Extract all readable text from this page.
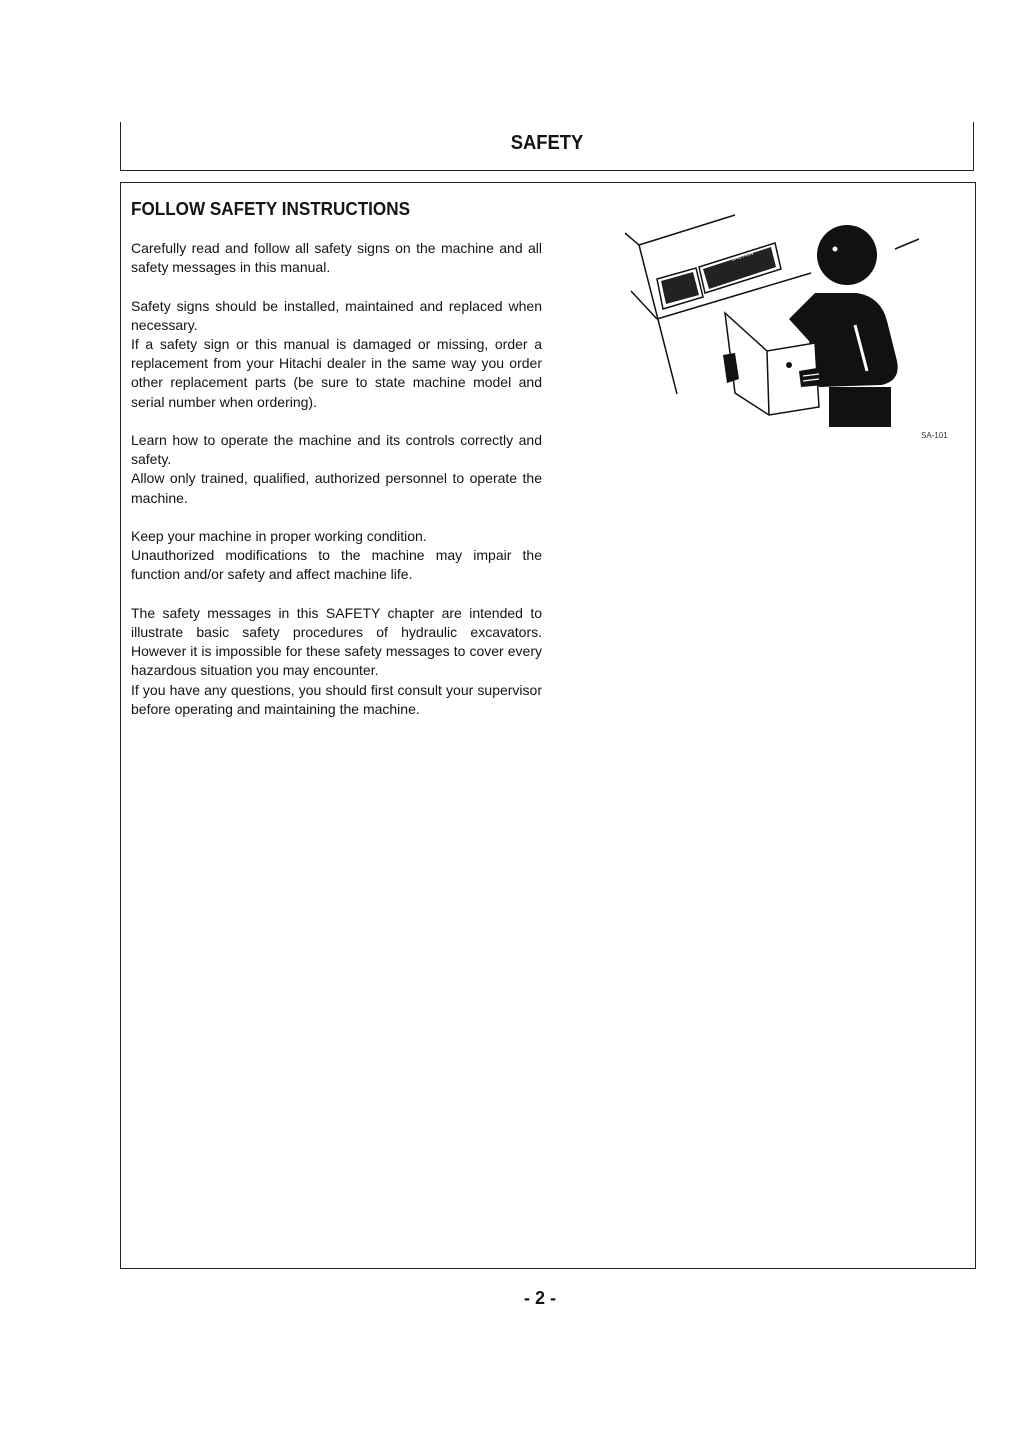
SAFETY
FOLLOW SAFETY INSTRUCTIONS

Carefully read and follow all safety signs on the machine and all safety messages in this manual.

Safety signs should be installed, maintained and replaced when necessary.
If a safety sign or this manual is damaged or missing, order a replacement from your Hitachi dealer in the same way you order other replacement parts (be sure to state machine model and serial number when ordering).

Learn how to operate the machine and its controls correctly and safety.
Allow only trained, qualified, authorized personnel to operate the machine.

Keep your machine in proper working condition.
Unauthorized modifications to the machine may impair the function and/or safety and affect machine life.

The safety messages in this SAFETY chapter are intended to illustrate basic safety procedures of hydraulic excavators. However it is impossible for these safety messages to cover every hazardous situation you may encounter.
If you have any questions, you should first consult your supervisor before operating and maintaining the machine.

CAUTION
SA-101
- 2 -
